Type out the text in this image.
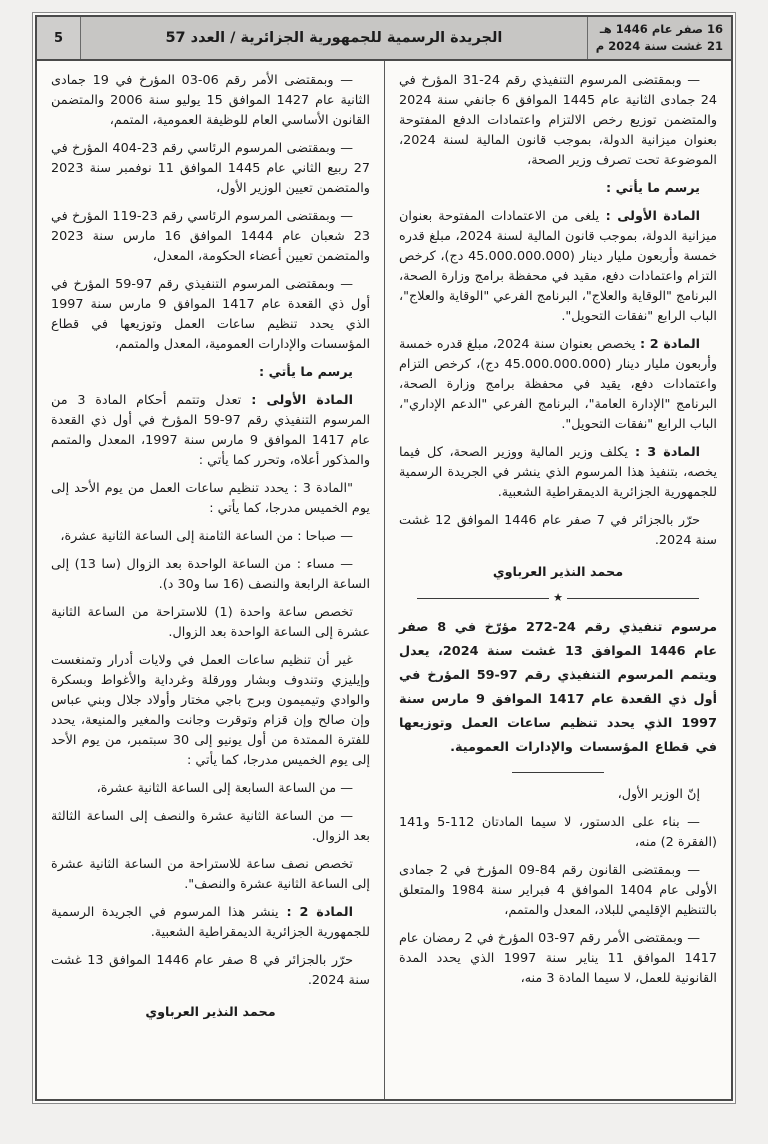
16 صفر عام 1446 هـ
21 غشت سنة 2024 م
الجريدة الرسمية للجمهورية الجزائرية / العدد 57
5

— وبمقتضى المرسوم التنفيذي رقم 24-31 المؤرخ في 24 جمادى الثانية عام 1445 الموافق 6 جانفي سنة 2024 والمتضمن توزيع رخص الالتزام واعتمادات الدفع المفتوحة بعنوان ميزانية الدولة، بموجب قانون المالية لسنة 2024، الموضوعة تحت تصرف وزير الصحة،

يرسم ما يأتي :

المادة الأولى : يلغى من الاعتمادات المفتوحة بعنوان ميزانية الدولة، بموجب قانون المالية لسنة 2024، مبلغ قدره خمسة وأربعون مليار دينار (45.000.000.000 دج)، كرخص التزام واعتمادات دفع، مقيد في محفظة برامج وزارة الصحة، البرنامج "الوقاية والعلاج"، البرنامج الفرعي "الوقاية والعلاج"، الباب الرابع "نفقات التحويل".

المادة 2 : يخصص بعنوان سنة 2024، مبلغ قدره خمسة وأربعون مليار دينار (45.000.000.000 دج)، كرخص التزام واعتمادات دفع، يقيد في محفظة برامج وزارة الصحة، البرنامج "الإدارة العامة"، البرنامج الفرعي "الدعم الإداري"، الباب الرابع "نفقات التحويل".

المادة 3 : يكلف وزير المالية ووزير الصحة، كل فيما يخصه، بتنفيذ هذا المرسوم الذي ينشر في الجريدة الرسمية للجمهورية الجزائرية الديمقراطية الشعبية.

حرّر بالجزائر في 7 صفر عام 1446 الموافق 12 غشت سنة 2024.

محمد النذير العرباوي

★

مرسوم تنفيذي رقم 24-272 مؤرّخ في 8 صفر عام 1446 الموافق 13 غشت سنة 2024، يعدل ويتمم المرسوم التنفيذي رقم 97-59 المؤرخ في أول ذي القعدة عام 1417 الموافق 9 مارس سنة 1997 الذي يحدد تنظيم ساعات العمل وتوزيعها في قطاع المؤسسات والإدارات العمومية.

إنّ الوزير الأول،

— بناء على الدستور، لا سيما المادتان 112-5 و141 (الفقرة 2) منه،

— وبمقتضى القانون رقم 84-09 المؤرخ في 2 جمادى الأولى عام 1404 الموافق 4 فبراير سنة 1984 والمتعلق بالتنظيم الإقليمي للبلاد، المعدل والمتمم،

— وبمقتضى الأمر رقم 97-03 المؤرخ في 2 رمضان عام 1417 الموافق 11 يناير سنة 1997 الذي يحدد المدة القانونية للعمل، لا سيما المادة 3 منه،

— وبمقتضى الأمر رقم 06-03 المؤرخ في 19 جمادى الثانية عام 1427 الموافق 15 يوليو سنة 2006 والمتضمن القانون الأساسي العام للوظيفة العمومية، المتمم،

— وبمقتضى المرسوم الرئاسي رقم 23-404 المؤرخ في 27 ربيع الثاني عام 1445 الموافق 11 نوفمبر سنة 2023 والمتضمن تعيين الوزير الأول،

— وبمقتضى المرسوم الرئاسي رقم 23-119 المؤرخ في 23 شعبان عام 1444 الموافق 16 مارس سنة 2023 والمتضمن تعيين أعضاء الحكومة، المعدل،

— وبمقتضى المرسوم التنفيذي رقم 97-59 المؤرخ في أول ذي القعدة عام 1417 الموافق 9 مارس سنة 1997 الذي يحدد تنظيم ساعات العمل وتوزيعها في قطاع المؤسسات والإدارات العمومية، المعدل والمتمم،

يرسم ما يأتي :

المادة الأولى : تعدل وتتمم أحكام المادة 3 من المرسوم التنفيذي رقم 97-59 المؤرخ في أول ذي القعدة عام 1417 الموافق 9 مارس سنة 1997، المعدل والمتمم والمذكور أعلاه، وتحرر كما يأتي :

"المادة 3 : يحدد تنظيم ساعات العمل من يوم الأحد إلى يوم الخميس مدرجا، كما يأتي :

— صباحا : من الساعة الثامنة إلى الساعة الثانية عشرة،

— مساء : من الساعة الواحدة بعد الزوال (سا 13) إلى الساعة الرابعة والنصف (16 سا و30 د).

تخصص ساعة واحدة (1) للاستراحة من الساعة الثانية عشرة إلى الساعة الواحدة بعد الزوال.

غير أن تنظيم ساعات العمل في ولايات أدرار وتمنغست وإيليزي وتندوف وبشار وورقلة وغرداية والأغواط وبسكرة والوادي وتيميمون وبرج باجي مختار وأولاد جلال وبني عباس وإن صالح وإن قزام وتوقرت وجانت والمغير والمنيعة، يحدد للفترة الممتدة من أول يونيو إلى 30 سبتمبر، من يوم الأحد إلى يوم الخميس مدرجا، كما يأتي :

— من الساعة السابعة إلى الساعة الثانية عشرة،

— من الساعة الثانية عشرة والنصف إلى الساعة الثالثة بعد الزوال.

تخصص نصف ساعة للاستراحة من الساعة الثانية عشرة إلى الساعة الثانية عشرة والنصف".

المادة 2 : ينشر هذا المرسوم في الجريدة الرسمية للجمهورية الجزائرية الديمقراطية الشعبية.

حرّر بالجزائر في 8 صفر عام 1446 الموافق 13 غشت سنة 2024.

محمد النذير العرباوي
